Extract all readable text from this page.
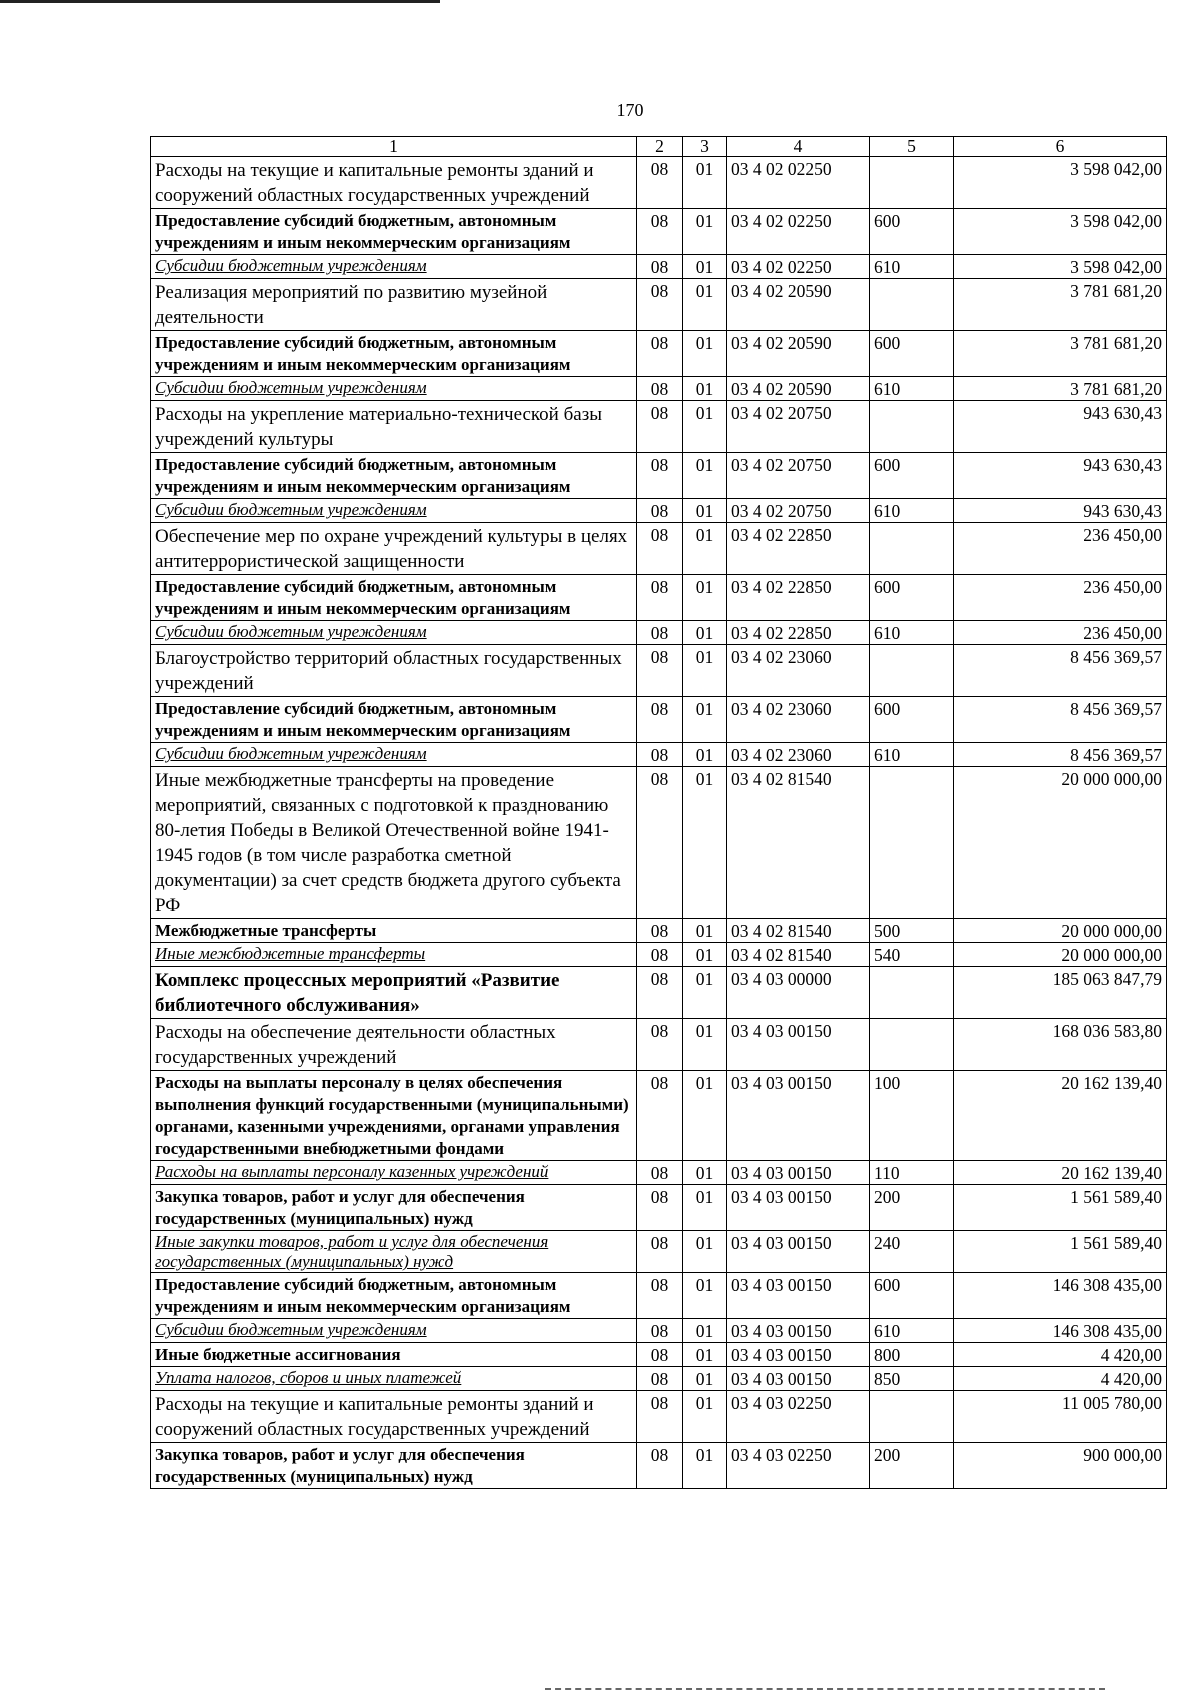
170
1	2	3	4	5	6
Расходы на текущие и капитальные ремонты зданий и сооружений областных государственных учреждений	08	01	03 4 02 02250		3 598 042,00
Предоставление субсидий бюджетным, автономным учреждениям и иным некоммерческим организациям	08	01	03 4 02 02250	600	3 598 042,00
Субсидии бюджетным учреждениям	08	01	03 4 02 02250	610	3 598 042,00
Реализация мероприятий по развитию музейной деятельности	08	01	03 4 02 20590		3 781 681,20
Предоставление субсидий бюджетным, автономным учреждениям и иным некоммерческим организациям	08	01	03 4 02 20590	600	3 781 681,20
Субсидии бюджетным учреждениям	08	01	03 4 02 20590	610	3 781 681,20
Расходы на укрепление материально-технической базы учреждений культуры	08	01	03 4 02 20750		943 630,43
Предоставление субсидий бюджетным, автономным учреждениям и иным некоммерческим организациям	08	01	03 4 02 20750	600	943 630,43
Субсидии бюджетным учреждениям	08	01	03 4 02 20750	610	943 630,43
Обеспечение мер по охране учреждений культуры в целях антитеррористической защищенности	08	01	03 4 02 22850		236 450,00
Предоставление субсидий бюджетным, автономным учреждениям и иным некоммерческим организациям	08	01	03 4 02 22850	600	236 450,00
Субсидии бюджетным учреждениям	08	01	03 4 02 22850	610	236 450,00
Благоустройство территорий областных государственных учреждений	08	01	03 4 02 23060		8 456 369,57
Предоставление субсидий бюджетным, автономным учреждениям и иным некоммерческим организациям	08	01	03 4 02 23060	600	8 456 369,57
Субсидии бюджетным учреждениям	08	01	03 4 02 23060	610	8 456 369,57
Иные межбюджетные трансферты на проведение мероприятий, связанных с подготовкой к празднованию 80-летия Победы в Великой Отечественной войне 1941-1945 годов (в том числе разработка сметной документации) за счет средств бюджета другого субъекта РФ	08	01	03 4 02 81540		20 000 000,00
Межбюджетные трансферты	08	01	03 4 02 81540	500	20 000 000,00
Иные межбюджетные трансферты	08	01	03 4 02 81540	540	20 000 000,00
Комплекс процессных мероприятий «Развитие библиотечного обслуживания»	08	01	03 4 03 00000		185 063 847,79
Расходы на обеспечение деятельности областных государственных учреждений	08	01	03 4 03 00150		168 036 583,80
Расходы на выплаты персоналу в целях обеспечения выполнения функций государственными (муниципальными) органами, казенными учреждениями, органами управления государственными внебюджетными фондами	08	01	03 4 03 00150	100	20 162 139,40
Расходы на выплаты персоналу казенных учреждений	08	01	03 4 03 00150	110	20 162 139,40
Закупка товаров, работ и услуг для обеспечения государственных (муниципальных) нужд	08	01	03 4 03 00150	200	1 561 589,40
Иные закупки товаров, работ и услуг для обеспечения государственных (муниципальных) нужд	08	01	03 4 03 00150	240	1 561 589,40
Предоставление субсидий бюджетным, автономным учреждениям и иным некоммерческим организациям	08	01	03 4 03 00150	600	146 308 435,00
Субсидии бюджетным учреждениям	08	01	03 4 03 00150	610	146 308 435,00
Иные бюджетные ассигнования	08	01	03 4 03 00150	800	4 420,00
Уплата налогов, сборов и иных платежей	08	01	03 4 03 00150	850	4 420,00
Расходы на текущие и капитальные ремонты зданий и сооружений областных государственных учреждений	08	01	03 4 03 02250		11 005 780,00
Закупка товаров, работ и услуг для обеспечения государственных (муниципальных) нужд	08	01	03 4 03 02250	200	900 000,00
